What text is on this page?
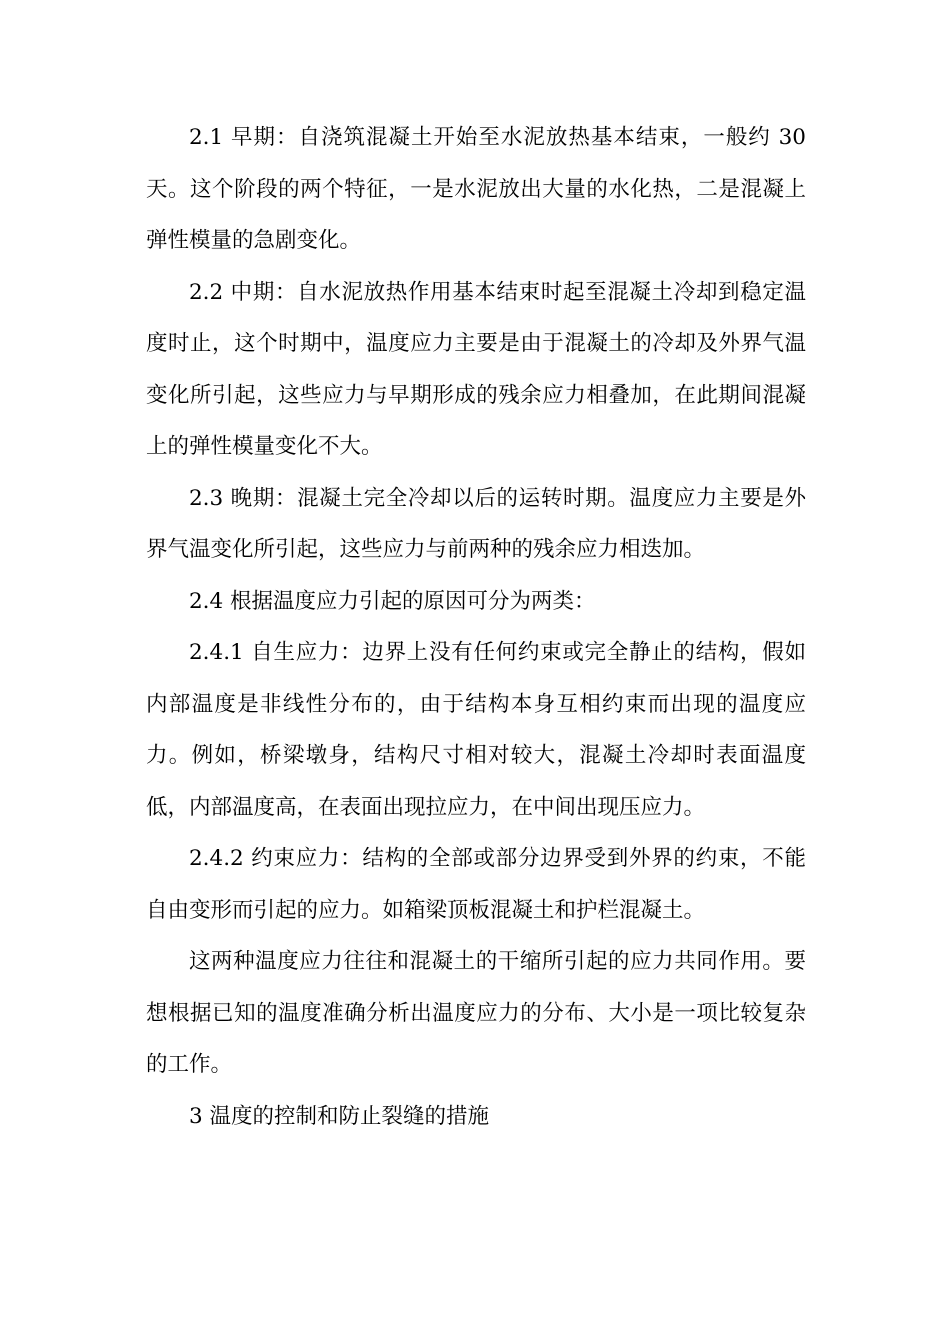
2.1 早期：自浇筑混凝土开始至水泥放热基本结束，一般约 30 天。这个阶段的两个特征，一是水泥放出大量的水化热，二是混凝上弹性模量的急剧变化。

2.2 中期：自水泥放热作用基本结束时起至混凝土冷却到稳定温度时止，这个时期中，温度应力主要是由于混凝土的冷却及外界气温变化所引起，这些应力与早期形成的残余应力相叠加，在此期间混凝上的弹性模量变化不大。

2.3 晚期：混凝土完全冷却以后的运转时期。温度应力主要是外界气温变化所引起，这些应力与前两种的残余应力相迭加。

2.4 根据温度应力引起的原因可分为两类：

2.4.1 自生应力：边界上没有任何约束或完全静止的结构，假如内部温度是非线性分布的，由于结构本身互相约束而出现的温度应力。例如，桥梁墩身，结构尺寸相对较大，混凝土冷却时表面温度低，内部温度高，在表面出现拉应力，在中间出现压应力。

2.4.2 约束应力：结构的全部或部分边界受到外界的约束，不能自由变形而引起的应力。如箱梁顶板混凝土和护栏混凝土。

这两种温度应力往往和混凝土的干缩所引起的应力共同作用。要想根据已知的温度准确分析出温度应力的分布、大小是一项比较复杂的工作。

3 温度的控制和防止裂缝的措施
